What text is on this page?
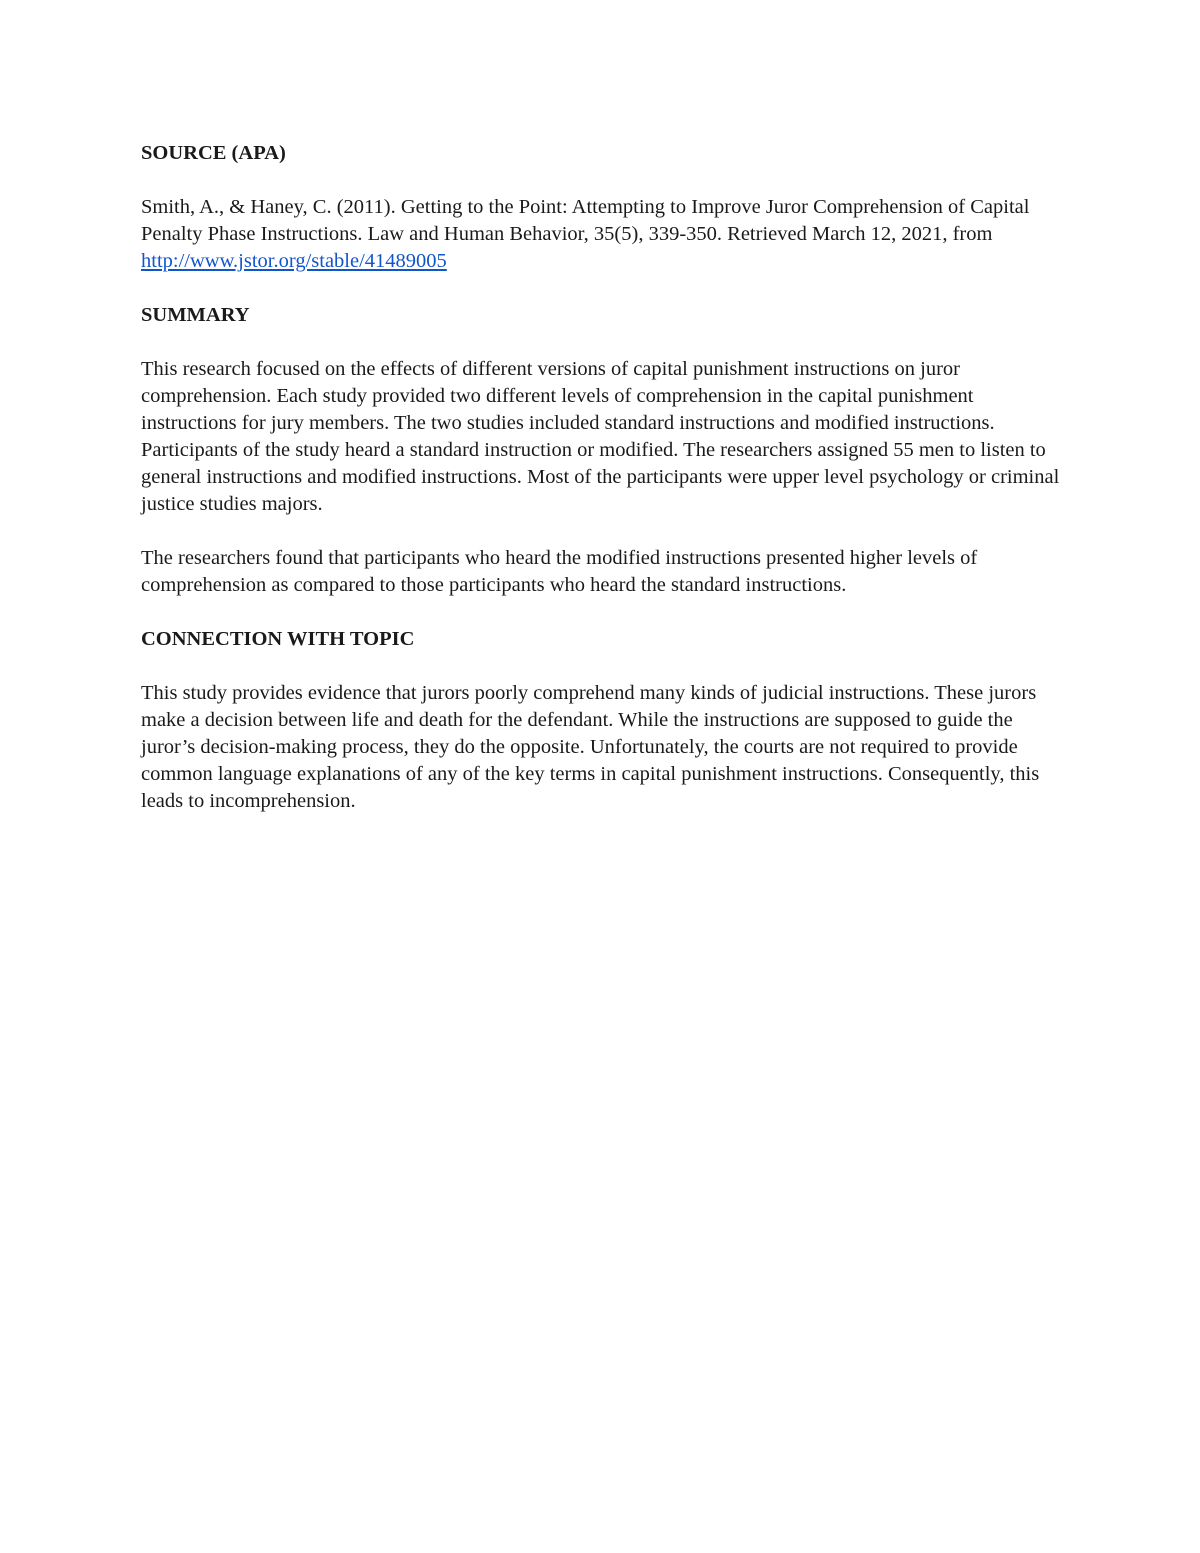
SOURCE (APA)

Smith, A., & Haney, C. (2011). Getting to the Point: Attempting to Improve Juror Comprehension of Capital Penalty Phase Instructions. Law and Human Behavior, 35(5), 339-350. Retrieved March 12, 2021, from http://www.jstor.org/stable/41489005

SUMMARY

This research focused on the effects of different versions of capital punishment instructions on juror comprehension. Each study provided two different levels of comprehension in the capital punishment instructions for jury members. The two studies included standard instructions and modified instructions. Participants of the study heard a standard instruction or modified. The researchers assigned 55 men to listen to general instructions and modified instructions. Most of the participants were upper level psychology or criminal justice studies majors.

The researchers found that participants who heard the modified instructions presented higher levels of comprehension as compared to those participants who heard the standard instructions.

CONNECTION WITH TOPIC

This study provides evidence that jurors poorly comprehend many kinds of judicial instructions. These jurors make a decision between life and death for the defendant. While the instructions are supposed to guide the juror’s decision-making process, they do the opposite. Unfortunately, the courts are not required to provide common language explanations of any of the key terms in capital punishment instructions. Consequently, this leads to incomprehension.
